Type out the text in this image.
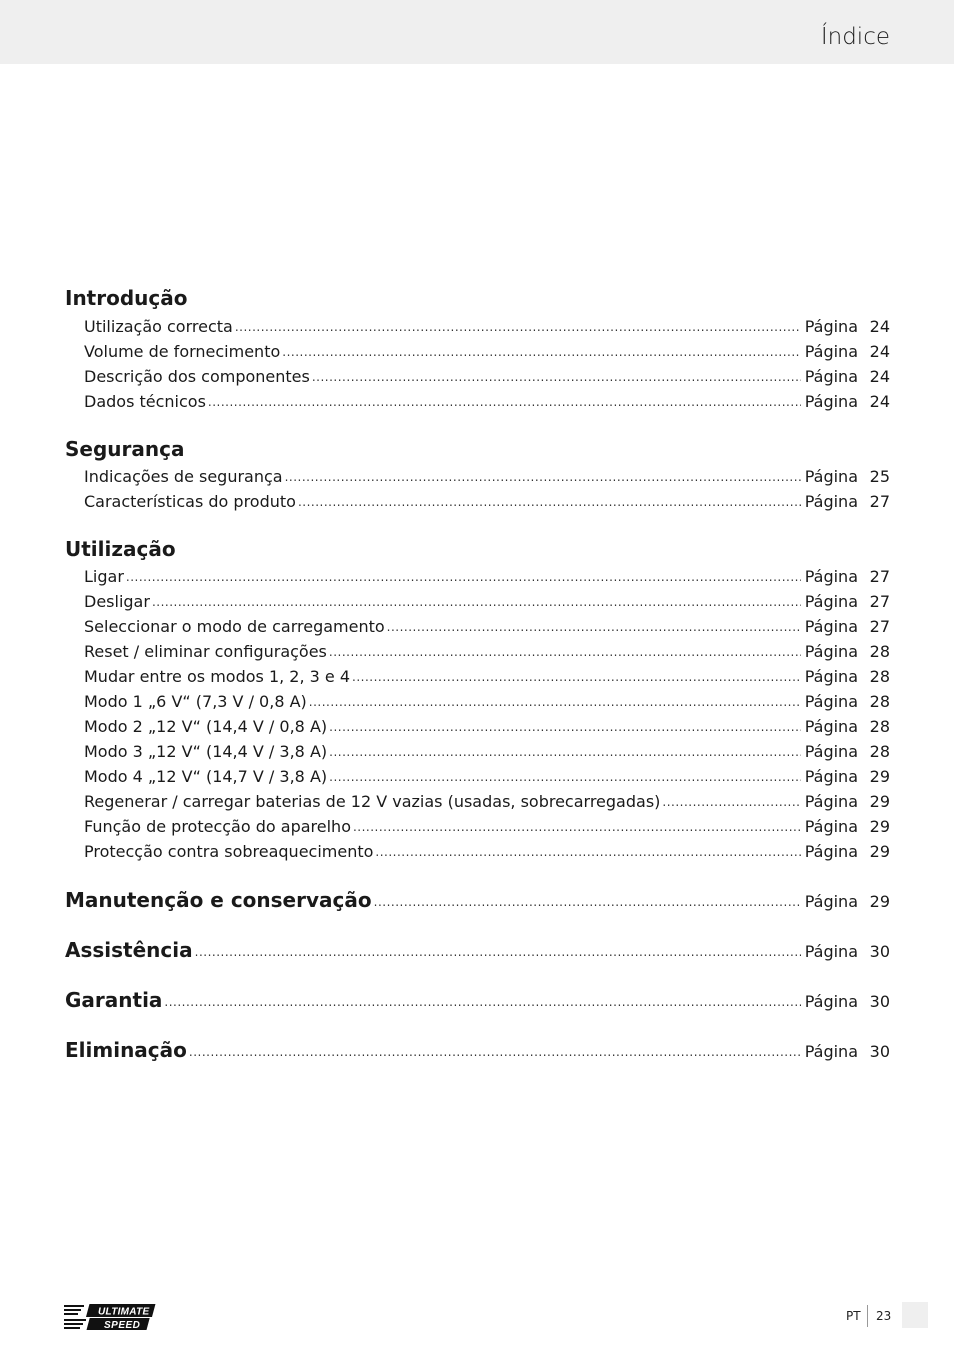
Índice
Introdução
Utilização correcta .....	Página 24
Volume de fornecimento .....	Página 24
Descrição dos componentes .....	Página 24
Dados técnicos .....	Página 24
Segurança
Indicações de segurança .....	Página 25
Características do produto .....	Página 27
Utilização
Ligar .....	Página 27
Desligar .....	Página 27
Seleccionar o modo de carregamento .....	Página 27
Reset / eliminar configurações .....	Página 28
Mudar entre os modos 1, 2, 3 e 4 .....	Página 28
Modo 1 „6 V“ (7,3 V / 0,8 A) .....	Página 28
Modo 2 „12 V“ (14,4 V / 0,8 A) .....	Página 28
Modo 3 „12 V“ (14,4 V / 3,8 A) .....	Página 28
Modo 4 „12 V“ (14,7 V / 3,8 A) .....	Página 29
Regenerar / carregar baterias de 12 V vazias (usadas, sobrecarregadas) .....	Página 29
Função de protecção do aparelho .....	Página 29
Protecção contra sobreaquecimento .....	Página 29
Manutenção e conservação .....	Página 29
Assistência .....	Página 30
Garantia .....	Página 30
Eliminação .....	Página 30
ULTIMATE
SPEED
PT 23
